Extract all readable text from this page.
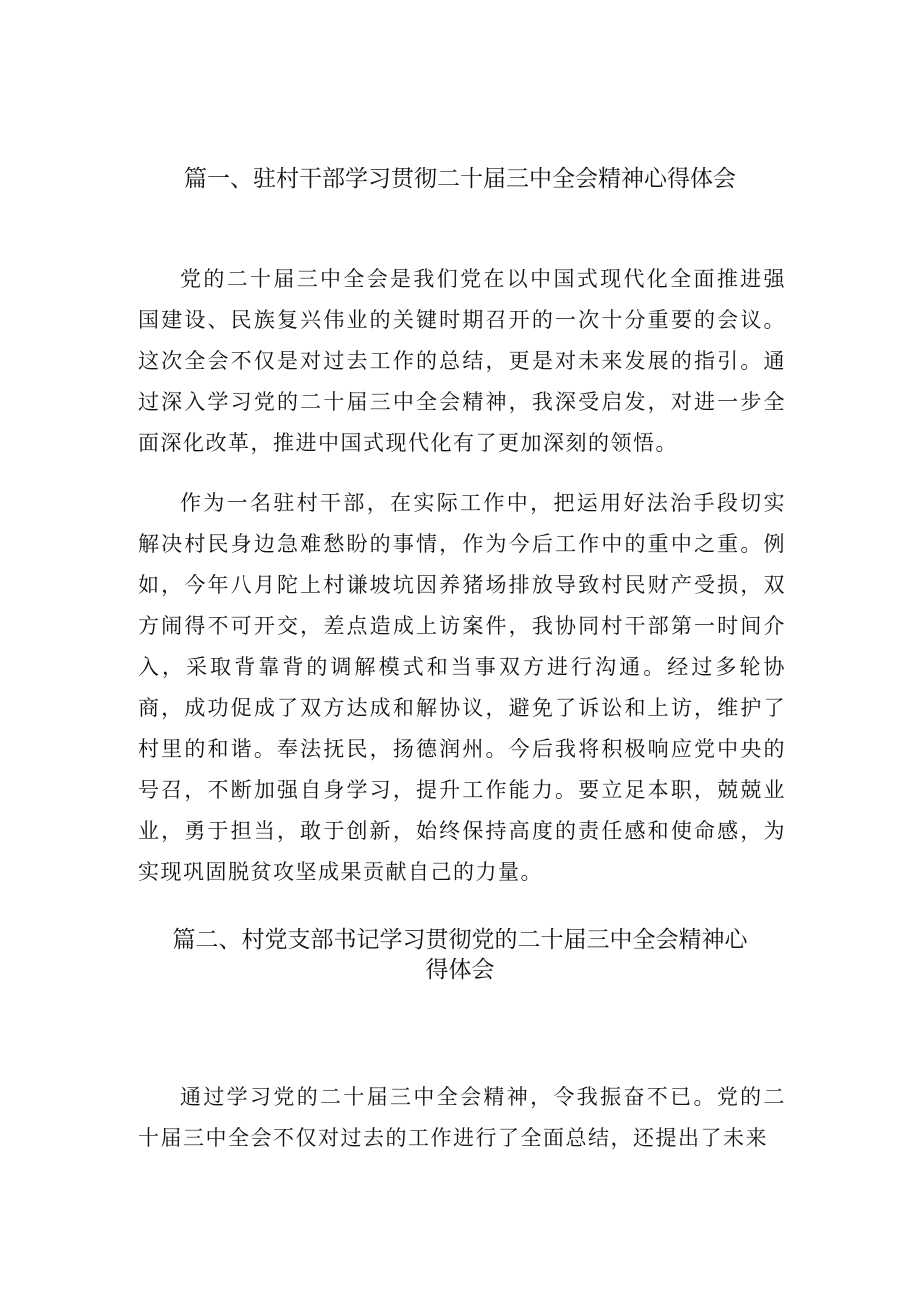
篇一、驻村干部学习贯彻二十届三中全会精神心得体会

党的二十届三中全会是我们党在以中国式现代化全面推进强国建设、民族复兴伟业的关键时期召开的一次十分重要的会议。这次全会不仅是对过去工作的总结，更是对未来发展的指引。通过深入学习党的二十届三中全会精神，我深受启发，对进一步全面深化改革，推进中国式现代化有了更加深刻的领悟。

作为一名驻村干部，在实际工作中，把运用好法治手段切实解决村民身边急难愁盼的事情，作为今后工作中的重中之重。例如，今年八月陀上村谦坡坑因养猪场排放导致村民财产受损，双方闹得不可开交，差点造成上访案件，我协同村干部第一时间介入，采取背靠背的调解模式和当事双方进行沟通。经过多轮协商，成功促成了双方达成和解协议，避免了诉讼和上访，维护了村里的和谐。奉法抚民，扬德润州。今后我将积极响应党中央的号召，不断加强自身学习，提升工作能力。要立足本职，兢兢业业，勇于担当，敢于创新，始终保持高度的责任感和使命感，为实现巩固脱贫攻坚成果贡献自己的力量。

篇二、村党支部书记学习贯彻党的二十届三中全会精神心
得体会

通过学习党的二十届三中全会精神，令我振奋不已。党的二十届三中全会不仅对过去的工作进行了全面总结，还提出了未来
